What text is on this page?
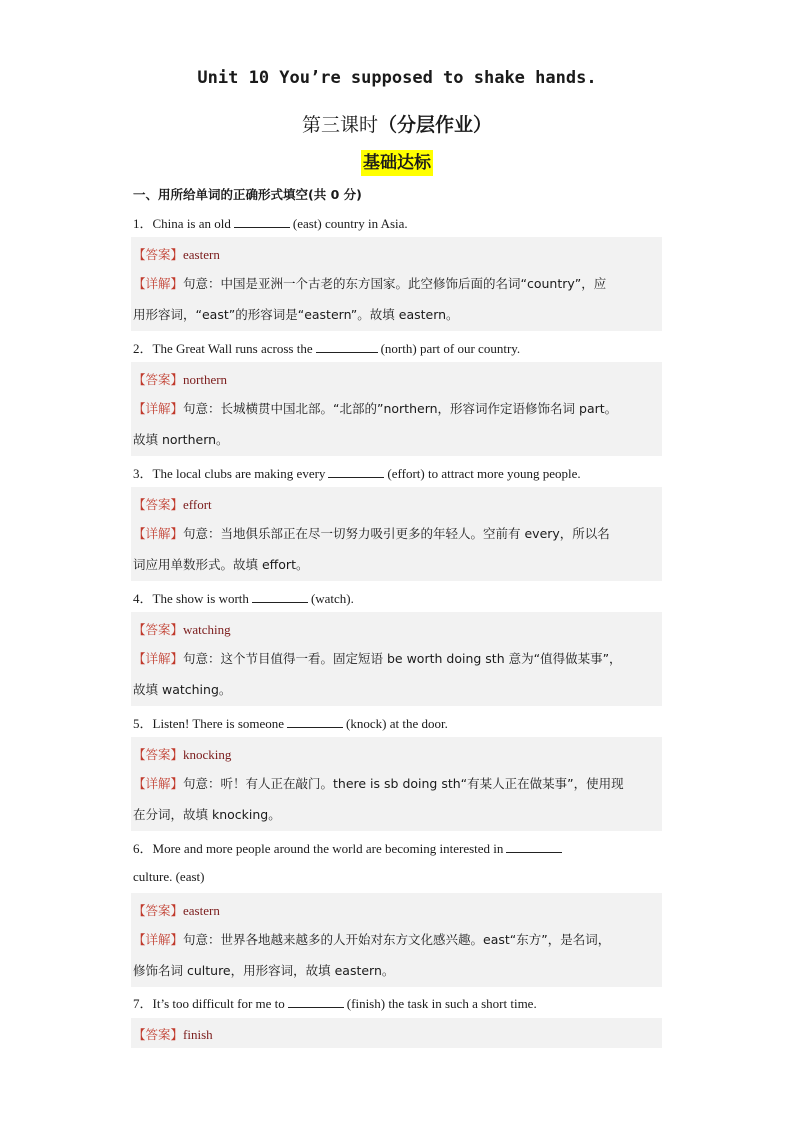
Unit 10 You’re supposed to shake hands.
第三课时（分层作业）
基础达标
一、用所给单词的正确形式填空(共 0 分)
1．China is an old	(east) country in Asia.
【答案】eastern
【详解】句意：中国是亚洲一个古老的东方国家。此空修饰后面的名词“country”，应
用形容词，“east”的形容词是“eastern”。故填 eastern。
2．The Great Wall runs across the	(north) part of our country.
【答案】northern
【详解】句意：长城横贯中国北部。“北部的”northern，形容词作定语修饰名词 part。
故填 northern。
3．The local clubs are making every	(effort) to attract more young people.
【答案】effort
【详解】句意：当地俱乐部正在尽一切努力吸引更多的年轻人。空前有 every，所以名
词应用单数形式。故填 effort。
4．The show is worth	(watch).
【答案】watching
【详解】句意：这个节目值得一看。固定短语 be worth doing sth 意为“值得做某事”，
故填 watching。
5．Listen! There is someone	(knock) at the door.
【答案】knocking
【详解】句意：听！有人正在敲门。there is sb doing sth“有某人正在做某事”，使用现
在分词，故填 knocking。
6．More and more people around the world are becoming interested in
culture. (east)
【答案】eastern
【详解】句意：世界各地越来越多的人开始对东方文化感兴趣。east“东方”，是名词，
修饰名词 culture，用形容词，故填 eastern。
7．It’s too difficult for me to	(finish) the task in such a short time.
【答案】finish
